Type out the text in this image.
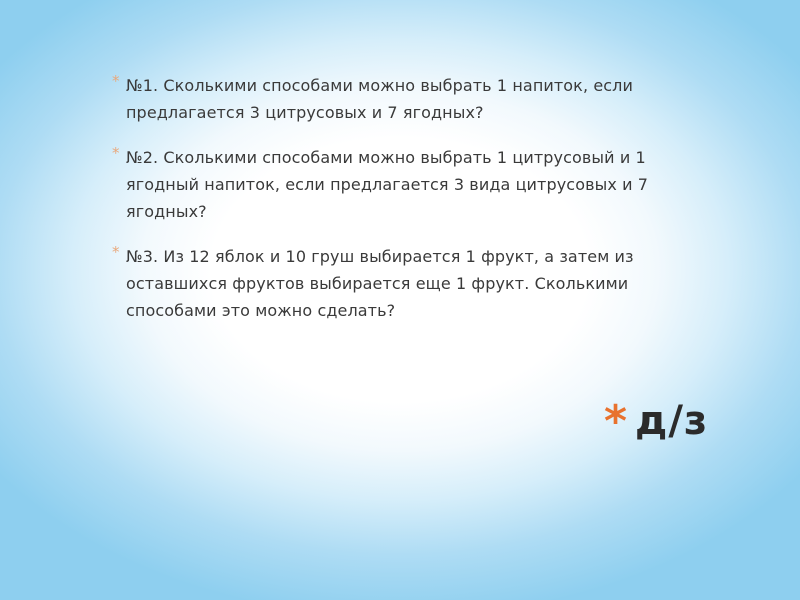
* №1. Сколькими способами можно выбрать 1 напиток, если предлагается 3 цитрусовых и 7 ягодных?
* №2. Сколькими способами можно выбрать 1 цитрусовый и 1 ягодный напиток, если предлагается 3 вида цитрусовых и 7 ягодных?
* №3. Из 12 яблок и 10 груш выбирается 1 фрукт, а затем из оставшихся фруктов выбирается еще 1 фрукт. Сколькими способами это можно сделать?
* д/з
